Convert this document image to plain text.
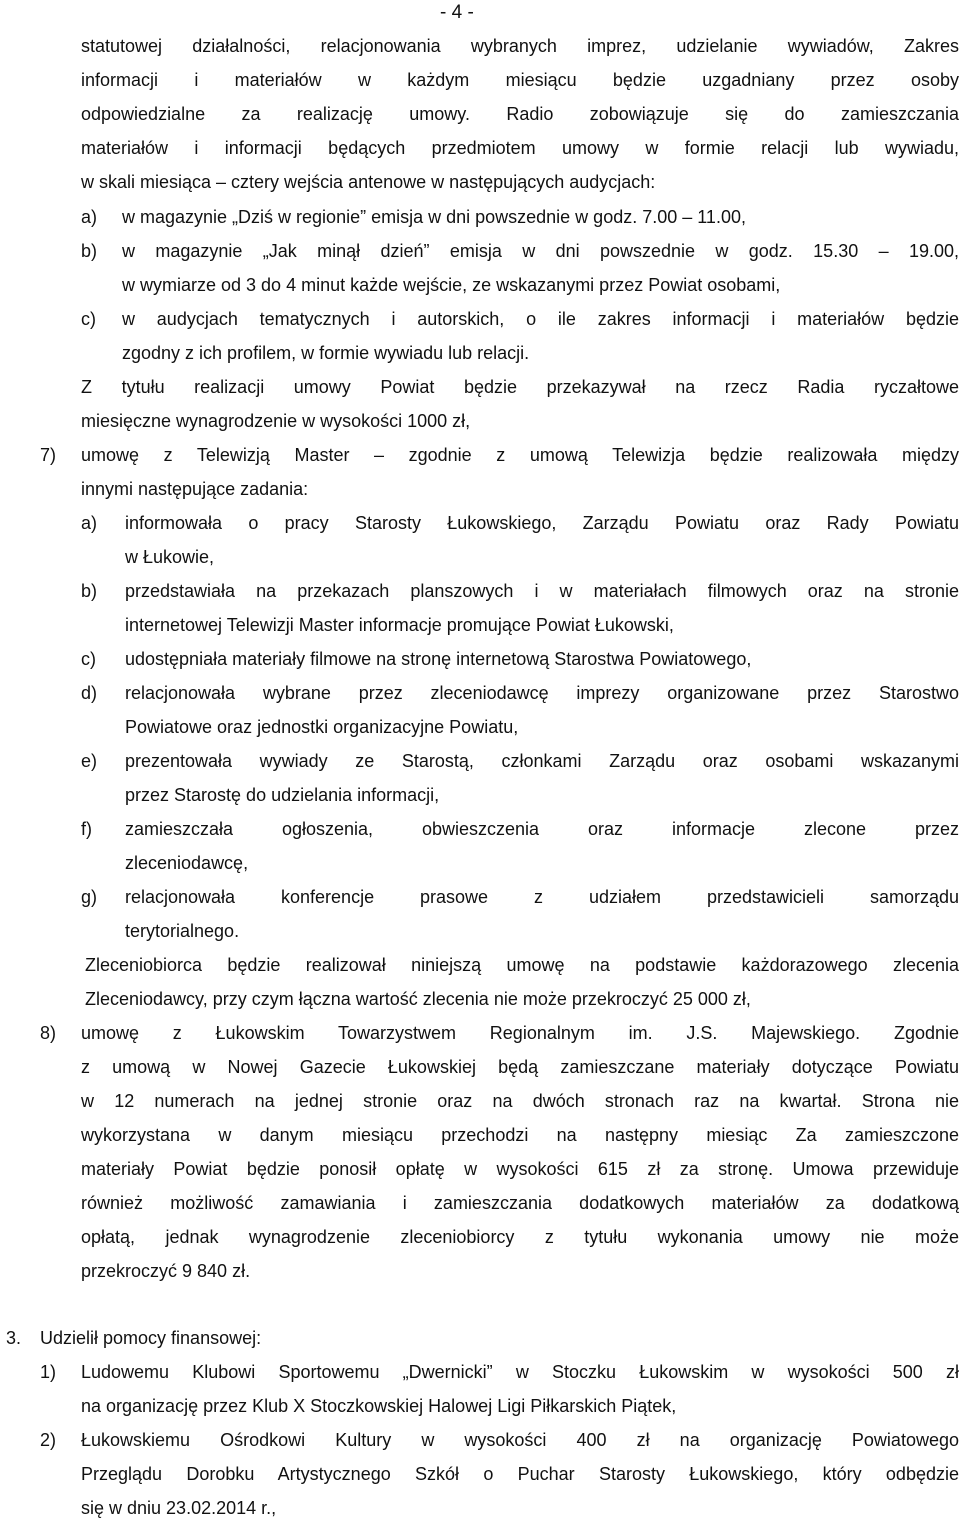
- 4 -
statutowej działalności, relacjonowania wybranych imprez, udzielanie wywiadów, Zakres
informacji i materiałów w każdym miesiącu będzie uzgadniany przez osoby
odpowiedzialne za realizację umowy. Radio zobowiązuje się do zamieszczania
materiałów i informacji będących przedmiotem umowy w formie relacji lub wywiadu,
w skali miesiąca – cztery wejścia antenowe w następujących audycjach:
a) w magazynie „Dziś w regionie” emisja w dni powszednie w godz. 7.00 – 11.00,
b) w magazynie „Jak minął dzień” emisja w dni powszednie w godz. 15.30 – 19.00,
w wymiarze od 3 do 4 minut każde wejście, ze wskazanymi przez Powiat osobami,
c) w audycjach tematycznych i autorskich, o ile zakres informacji i materiałów będzie
zgodny z ich profilem, w formie wywiadu lub relacji.
Z tytułu realizacji umowy Powiat będzie przekazywał na rzecz Radia ryczałtowe
miesięczne wynagrodzenie w wysokości 1000 zł,
7) umowę z Telewizją Master – zgodnie z umową Telewizja będzie realizowała między
innymi następujące zadania:
a) informowała o pracy Starosty Łukowskiego, Zarządu Powiatu oraz Rady Powiatu
w Łukowie,
b) przedstawiała na przekazach planszowych i w materiałach filmowych oraz na stronie
internetowej Telewizji Master informacje promujące Powiat Łukowski,
c) udostępniała materiały filmowe na stronę internetową Starostwa Powiatowego,
d) relacjonowała wybrane przez zleceniodawcę imprezy organizowane przez Starostwo
Powiatowe oraz jednostki organizacyjne Powiatu,
e) prezentowała wywiady ze Starostą, członkami Zarządu oraz osobami wskazanymi
przez Starostę do udzielania informacji,
f) zamieszczała ogłoszenia, obwieszczenia oraz informacje zlecone przez
zleceniodawcę,
g) relacjonowała konferencje prasowe z udziałem przedstawicieli samorządu
terytorialnego.
Zleceniobiorca będzie realizował niniejszą umowę na podstawie każdorazowego zlecenia
Zleceniodawcy, przy czym łączna wartość zlecenia nie może przekroczyć 25 000 zł,
8) umowę z Łukowskim Towarzystwem Regionalnym im. J.S. Majewskiego. Zgodnie
z umową w Nowej Gazecie Łukowskiej będą zamieszczane materiały dotyczące Powiatu
w 12 numerach na jednej stronie oraz na dwóch stronach raz na kwartał. Strona nie
wykorzystana w danym miesiącu przechodzi na następny miesiąc Za zamieszczone
materiały Powiat będzie ponosił opłatę w wysokości 615 zł za stronę. Umowa przewiduje
również możliwość zamawiania i zamieszczania dodatkowych materiałów za dodatkową
opłatą, jednak wynagrodzenie zleceniobiorcy z tytułu wykonania umowy nie może
przekroczyć 9 840 zł.
3. Udzielił pomocy finansowej:
1) Ludowemu Klubowi Sportowemu „Dwernicki” w Stoczku Łukowskim w wysokości 500 zł
na organizację przez Klub X Stoczkowskiej Halowej Ligi Piłkarskich Piątek,
2) Łukowskiemu Ośrodkowi Kultury w wysokości 400 zł na organizację Powiatowego
Przeglądu Dorobku Artystycznego Szkół o Puchar Starosty Łukowskiego, który odbędzie
się w dniu 23.02.2014 r.,
